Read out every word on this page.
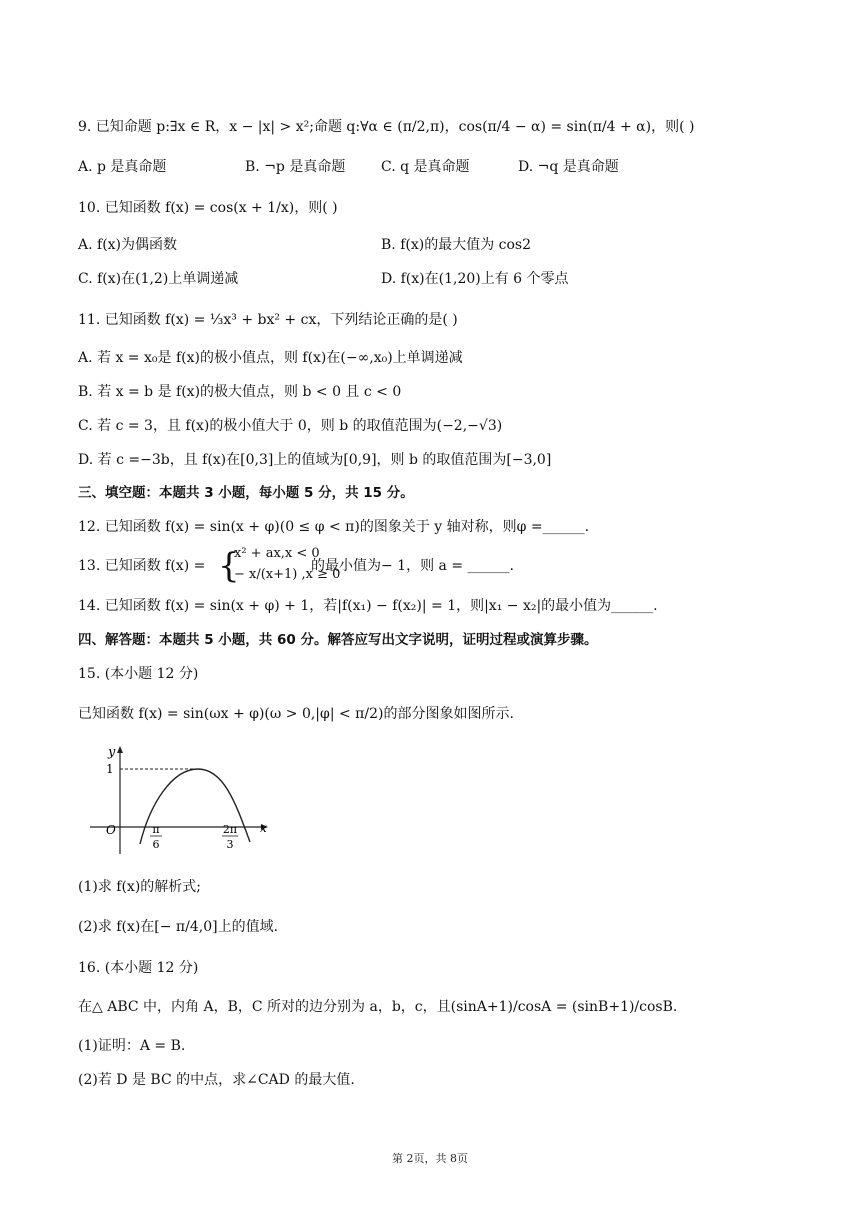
9. 已知命题 p:∃x ∈ R，x − |x| > x²;命题 q:∀α ∈ (π/2,π)，cos(π/4 − α) = sin(π/4 + α)，则( )
A. p 是真命题	B. ¬p 是真命题	C. q 是真命题	D. ¬q 是真命题
10. 已知函数 f(x) = cos(x + 1/x)，则( )
A. f(x)为偶函数	B. f(x)的最大值为 cos2
C. f(x)在(1,2)上单调递减	D. f(x)在(1,20)上有 6 个零点
11. 已知函数 f(x) = ⅓x³ + bx² + cx，下列结论正确的是( )
A. 若 x = x₀是 f(x)的极小值点，则 f(x)在(−∞,x₀)上单调递减
B. 若 x = b 是 f(x)的极大值点，则 b < 0 且 c < 0
C. 若 c = 3，且 f(x)的极小值大于 0，则 b 的取值范围为(−2,−√3)
D. 若 c =−3b，且 f(x)在[0,3]上的值域为[0,9]，则 b 的取值范围为[−3,0]
三、填空题：本题共 3 小题，每小题 5 分，共 15 分。
12. 已知函数 f(x) = sin(x + φ)(0 ≤ φ < π)的图象关于 y 轴对称，则φ =______.
13. 已知函数 f(x) = {
x² + ax,x < 0
− x/(x+1) ,x ≥ 0
的最小值为− 1，则 a = ______.
14. 已知函数 f(x) = sin(x + φ) + 1，若|f(x₁) − f(x₂)| = 1，则|x₁ − x₂|的最小值为______.
四、解答题：本题共 5 小题，共 60 分。解答应写出文字说明，证明过程或演算步骤。
15. (本小题 12 分)
已知函数 f(x) = sin(ωx + φ)(ω > 0,|φ| < π/2)的部分图象如图所示.
y
1
O	x
π
6
2π
3
(1)求 f(x)的解析式;
(2)求 f(x)在[− π/4,0]上的值域.
16. (本小题 12 分)
在△ ABC 中，内角 A，B，C 所对的边分别为 a，b，c，且(sinA+1)/cosA = (sinB+1)/cosB.
(1)证明：A = B.
(2)若 D 是 BC 的中点，求∠CAD 的最大值.
第 2页，共 8页
